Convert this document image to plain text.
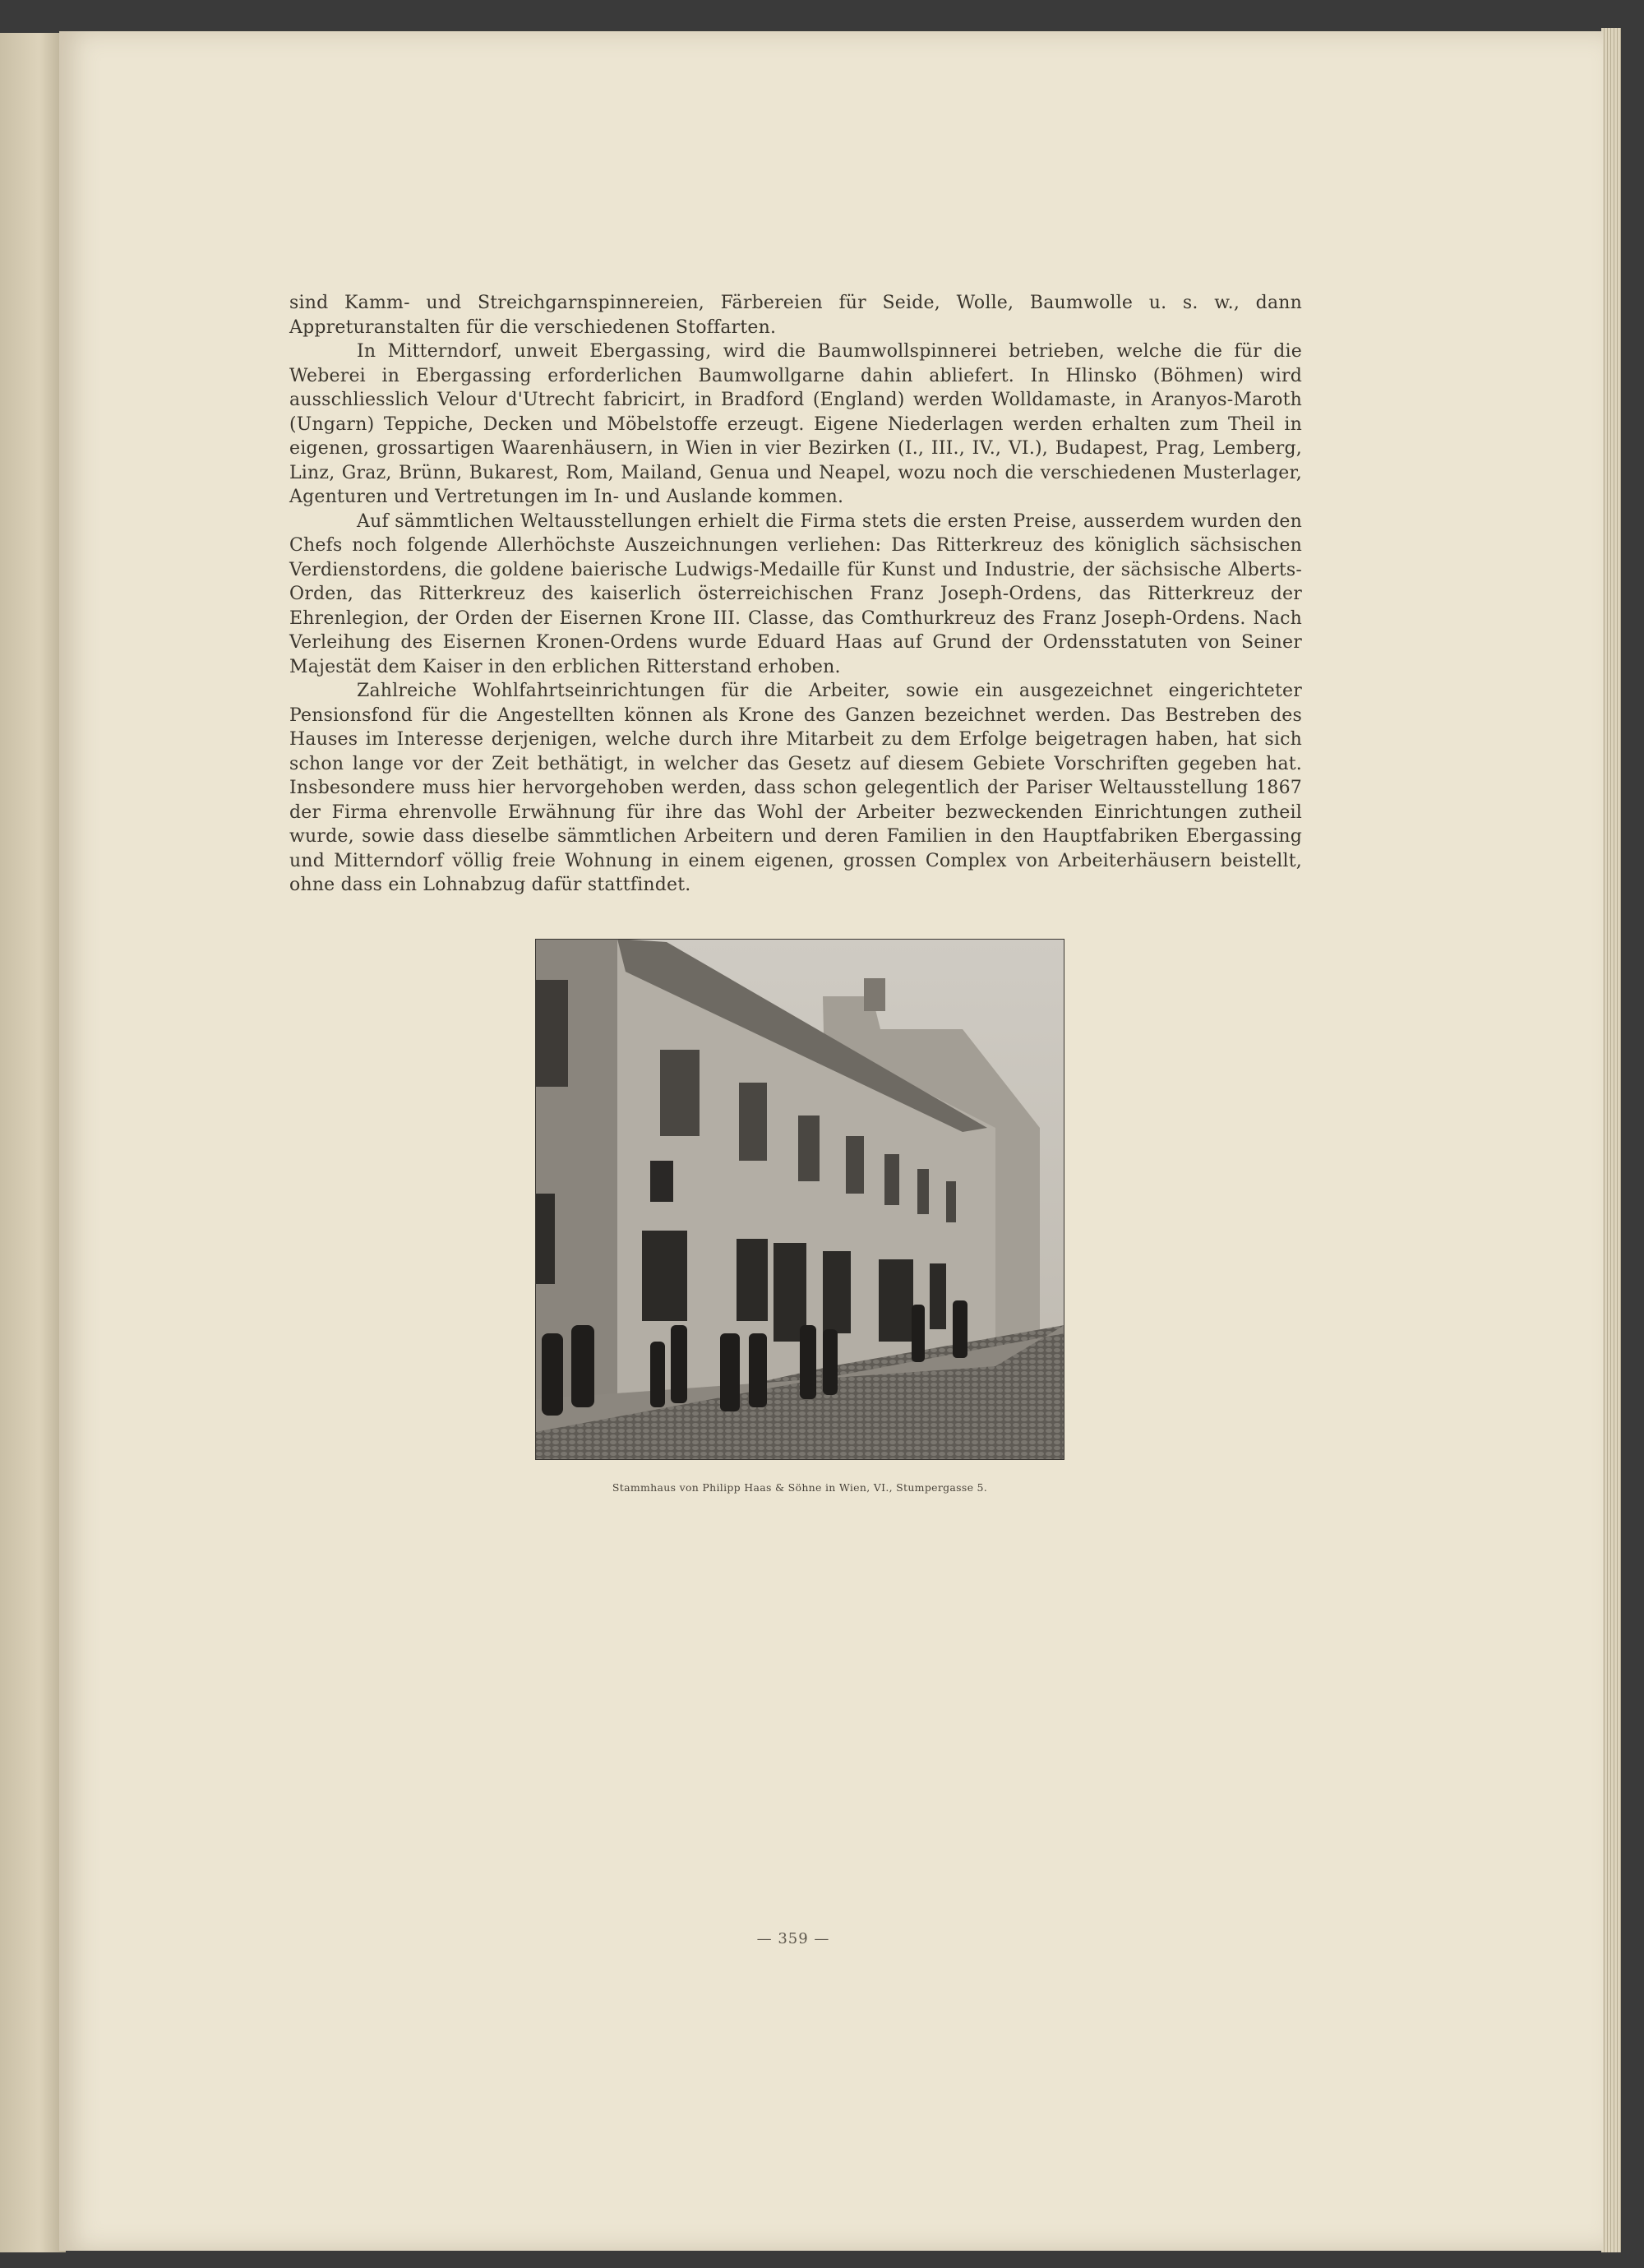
sind Kamm- und Streichgarnspinnereien, Färbereien für Seide, Wolle, Baumwolle u. s. w., dann Appreturanstalten für die verschiedenen Stoffarten.

In Mitterndorf, unweit Ebergassing, wird die Baumwollspinnerei betrieben, welche die für die Weberei in Ebergassing erforderlichen Baumwollgarne dahin abliefert. In Hlinsko (Böhmen) wird ausschliesslich Velour d'Utrecht fabricirt, in Bradford (England) werden Wolldamaste, in Aranyos-Maroth (Ungarn) Teppiche, Decken und Möbelstoffe erzeugt. Eigene Niederlagen werden erhalten zum Theil in eigenen, grossartigen Waarenhäusern, in Wien in vier Bezirken (I., III., IV., VI.), Budapest, Prag, Lemberg, Linz, Graz, Brünn, Bukarest, Rom, Mailand, Genua und Neapel, wozu noch die verschiedenen Musterlager, Agenturen und Vertretungen im In- und Auslande kommen.

Auf sämmtlichen Weltausstellungen erhielt die Firma stets die ersten Preise, ausserdem wurden den Chefs noch folgende Allerhöchste Auszeichnungen verliehen: Das Ritterkreuz des königlich sächsischen Verdienstordens, die goldene baierische Ludwigs-Medaille für Kunst und Industrie, der sächsische Alberts-Orden, das Ritterkreuz des kaiserlich österreichischen Franz Joseph-Ordens, das Ritterkreuz der Ehrenlegion, der Orden der Eisernen Krone III. Classe, das Comthurkreuz des Franz Joseph-Ordens. Nach Verleihung des Eisernen Kronen-Ordens wurde Eduard Haas auf Grund der Ordensstatuten von Seiner Majestät dem Kaiser in den erblichen Ritterstand erhoben.

Zahlreiche Wohlfahrtseinrichtungen für die Arbeiter, sowie ein ausgezeichnet eingerichteter Pensionsfond für die Angestellten können als Krone des Ganzen bezeichnet werden. Das Bestreben des Hauses im Interesse derjenigen, welche durch ihre Mitarbeit zu dem Erfolge beigetragen haben, hat sich schon lange vor der Zeit bethätigt, in welcher das Gesetz auf diesem Gebiete Vorschriften gegeben hat. Insbesondere muss hier hervorgehoben werden, dass schon gelegentlich der Pariser Weltausstellung 1867 der Firma ehrenvolle Erwähnung für ihre das Wohl der Arbeiter bezweckenden Einrichtungen zutheil wurde, sowie dass dieselbe sämmtlichen Arbeitern und deren Familien in den Hauptfabriken Ebergassing und Mitterndorf völlig freie Wohnung in einem eigenen, grossen Complex von Arbeiterhäusern beistellt, ohne dass ein Lohnabzug dafür stattfindet.

Stammhaus von Philipp Haas & Söhne in Wien, VI., Stumpergasse 5.
— 359 —
